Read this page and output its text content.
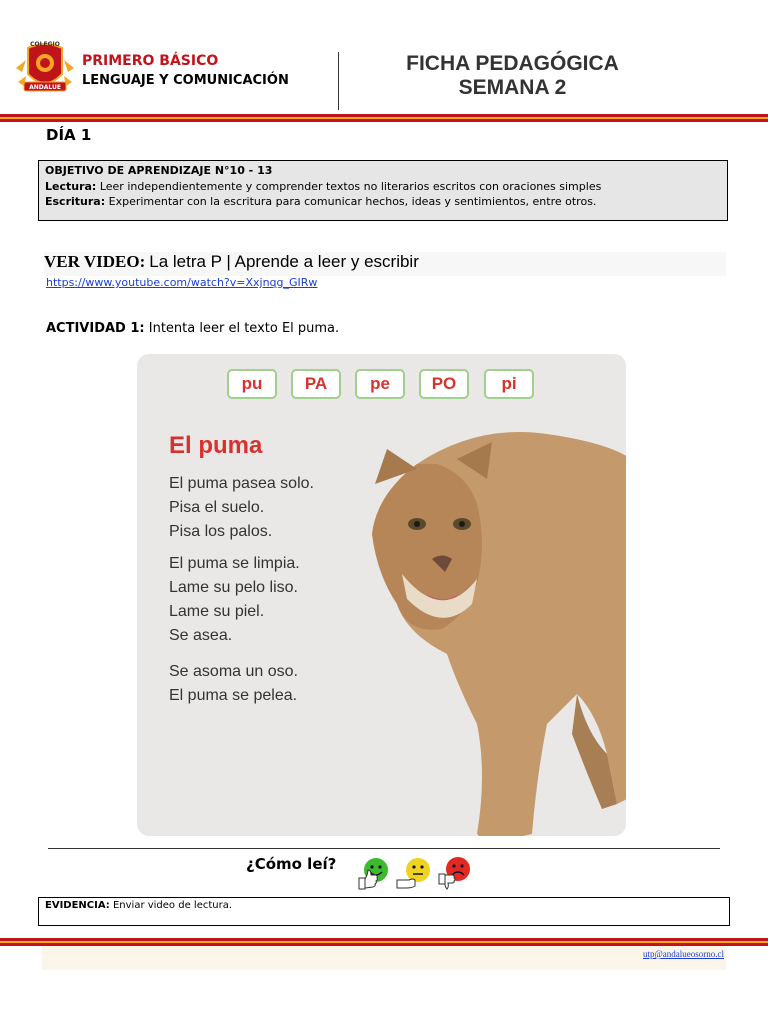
COLEGIO
ANDALUE
PRIMERO BÁSICO
LENGUAJE Y COMUNICACIÓN
FICHA PEDAGÓGICA
SEMANA 2
DÍA 1
OBJETIVO DE APRENDIZAJE N°10 - 13
Lectura: Leer independientemente y comprender textos no literarios escritos con oraciones simples
Escritura: Experimentar con la escritura para comunicar hechos, ideas y sentimientos, entre otros.
VER VIDEO: La letra P | Aprende a leer y escribir
https://www.youtube.com/watch?v=Xxjnqg_GIRw
ACTIVIDAD 1: Intenta leer el texto El puma.
pu	PA	pe	PO	pi
El puma
El puma pasea solo.
Pisa el suelo.
Pisa los palos.
El puma se limpia.
Lame su pelo liso.
Lame su piel.
Se asea.
Se asoma un oso.
El puma se pelea.
¿Cómo leí?
EVIDENCIA: Enviar video de lectura.
utp@andalueosorno.cl
